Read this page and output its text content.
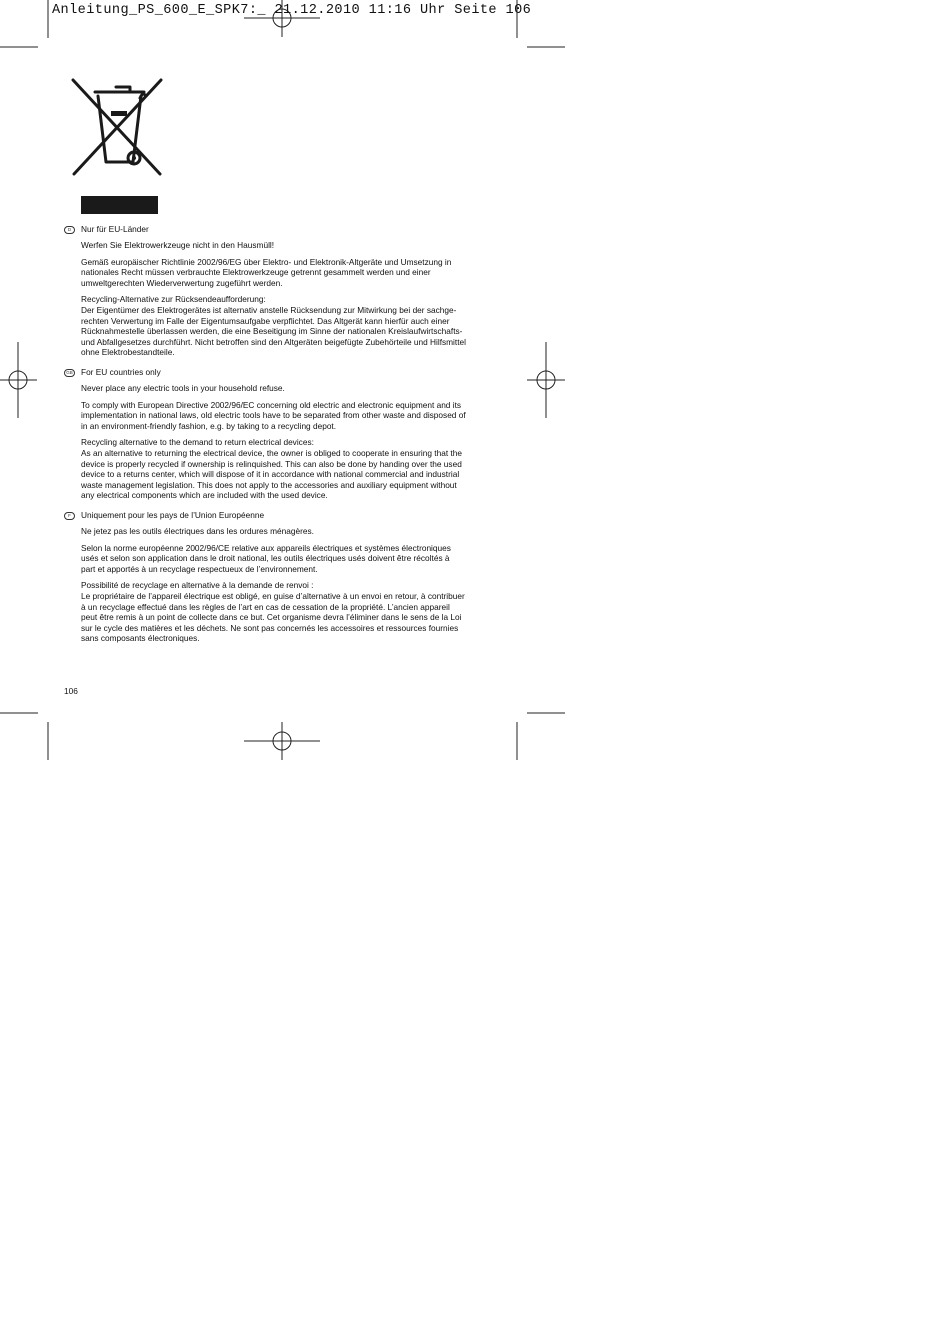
Anleitung_PS_600_E_SPK7:_ 21.12.2010 11:16 Uhr Seite 106
D	Nur für EU-Länder

Werfen Sie Elektrowerkzeuge nicht in den Hausmüll!

Gemäß europäischer Richtlinie 2002/96/EG über Elektro- und Elektronik-Altgeräte und Umsetzung in

nationales Recht müssen verbrauchte Elektrowerkzeuge getrennt gesammelt werden und einer

umweltgerechten Wiederverwertung zugeführt werden.

Recycling-Alternative zur Rücksendeaufforderung:

Der Eigentümer des Elektrogerätes ist alternativ anstelle Rücksendung zur Mitwirkung bei der sachge-

rechten Verwertung im Falle der Eigentumsaufgabe verpflichtet. Das Altgerät kann hierfür auch einer

Rücknahmestelle überlassen werden, die eine Beseitigung im Sinne der nationalen Kreislaufwirtschafts-

und Abfallgesetzes durchführt. Nicht betroffen sind den Altgeräten beigefügte Zubehörteile und Hilfsmittel

ohne Elektrobestandteile.

GB For EU countries only

Never place any electric tools in your household refuse.

To comply with European Directive 2002/96/EC concerning old electric and electronic equipment and its

implementation in national laws, old electric tools have to be separated from other waste and disposed of

in an environment-friendly fashion, e.g. by taking to a recycling depot.

Recycling alternative to the demand to return electrical devices:

As an alternative to returning the electrical device, the owner is obliged to cooperate in ensuring that the

device is properly recycled if ownership is relinquished. This can also be done by handing over the used

device to a returns center, which will dispose of it in accordance with national commercial and industrial

waste management legislation. This does not apply to the accessories and auxiliary equipment without

any electrical components which are included with the used device.

F	Uniquement pour les pays de l’Union Européenne

Ne jetez pas les outils électriques dans les ordures ménagères.

Selon la norme européenne 2002/96/CE relative aux appareils électriques et systèmes électroniques

usés et selon son application dans le droit national, les outils électriques usés doivent être récoltés à

part et apportés à un recyclage respectueux de l’environnement.

Possibilité de recyclage en alternative à la demande de renvoi :

Le propriétaire de l’appareil électrique est obligé, en guise d’alternative à un envoi en retour, à contribuer

à un recyclage effectué dans les règles de l’art en cas de cessation de la propriété. L’ancien appareil

peut être remis à un point de collecte dans ce but. Cet organisme devra l’éliminer dans le sens de la Loi

sur le cycle des matières et les déchets. Ne sont pas concernés les accessoires et ressources fournies

sans composants électroniques.

106
